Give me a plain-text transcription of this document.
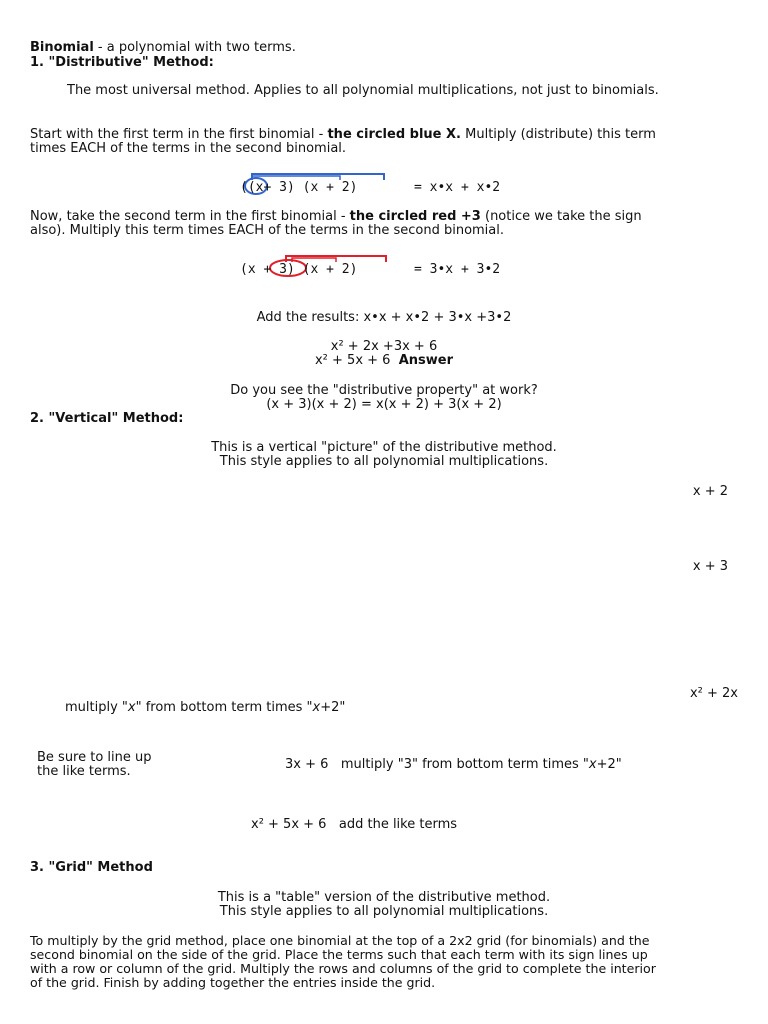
Binomial - a polynomial with two terms.
1. "Distributive" Method:
The most universal method. Applies to all polynomial multiplications, not just to binomials.
Start with the first term in the first binomial - the circled blue X. Multiply (distribute) this term
times EACH of the terms in the second binomial.
((x+ 3) (x + 2)	= x•x + x•2
Now, take the second term in the first binomial - the circled red +3 (notice we take the sign
also). Multiply this term times EACH of the terms in the second binomial.
(x + 3) (x + 2)	= 3•x + 3•2
Add the results: x•x + x•2 + 3•x +3•2
x² + 2x +3x + 6
x² + 5x + 6 Answer
Do you see the "distributive property" at work?
(x + 3)(x + 2) = x(x + 2) + 3(x + 2)
2. "Vertical" Method:
This is a vertical "picture" of the distributive method.
This style applies to all polynomial multiplications.
x + 2
x + 3
x² + 2x
multiply "x" from bottom term times "x+2"
Be sure to line up
the like terms.	3x + 6 multiply "3" from bottom term times "x+2"
x² + 5x + 6 add the like terms
3. "Grid" Method
This is a "table" version of the distributive method.
This style applies to all polynomial multiplications.
To multiply by the grid method, place one binomial at the top of a 2x2 grid (for binomials) and the
second binomial on the side of the grid. Place the terms such that each term with its sign lines up
with a row or column of the grid. Multiply the rows and columns of the grid to complete the interior
of the grid. Finish by adding together the entries inside the grid.
